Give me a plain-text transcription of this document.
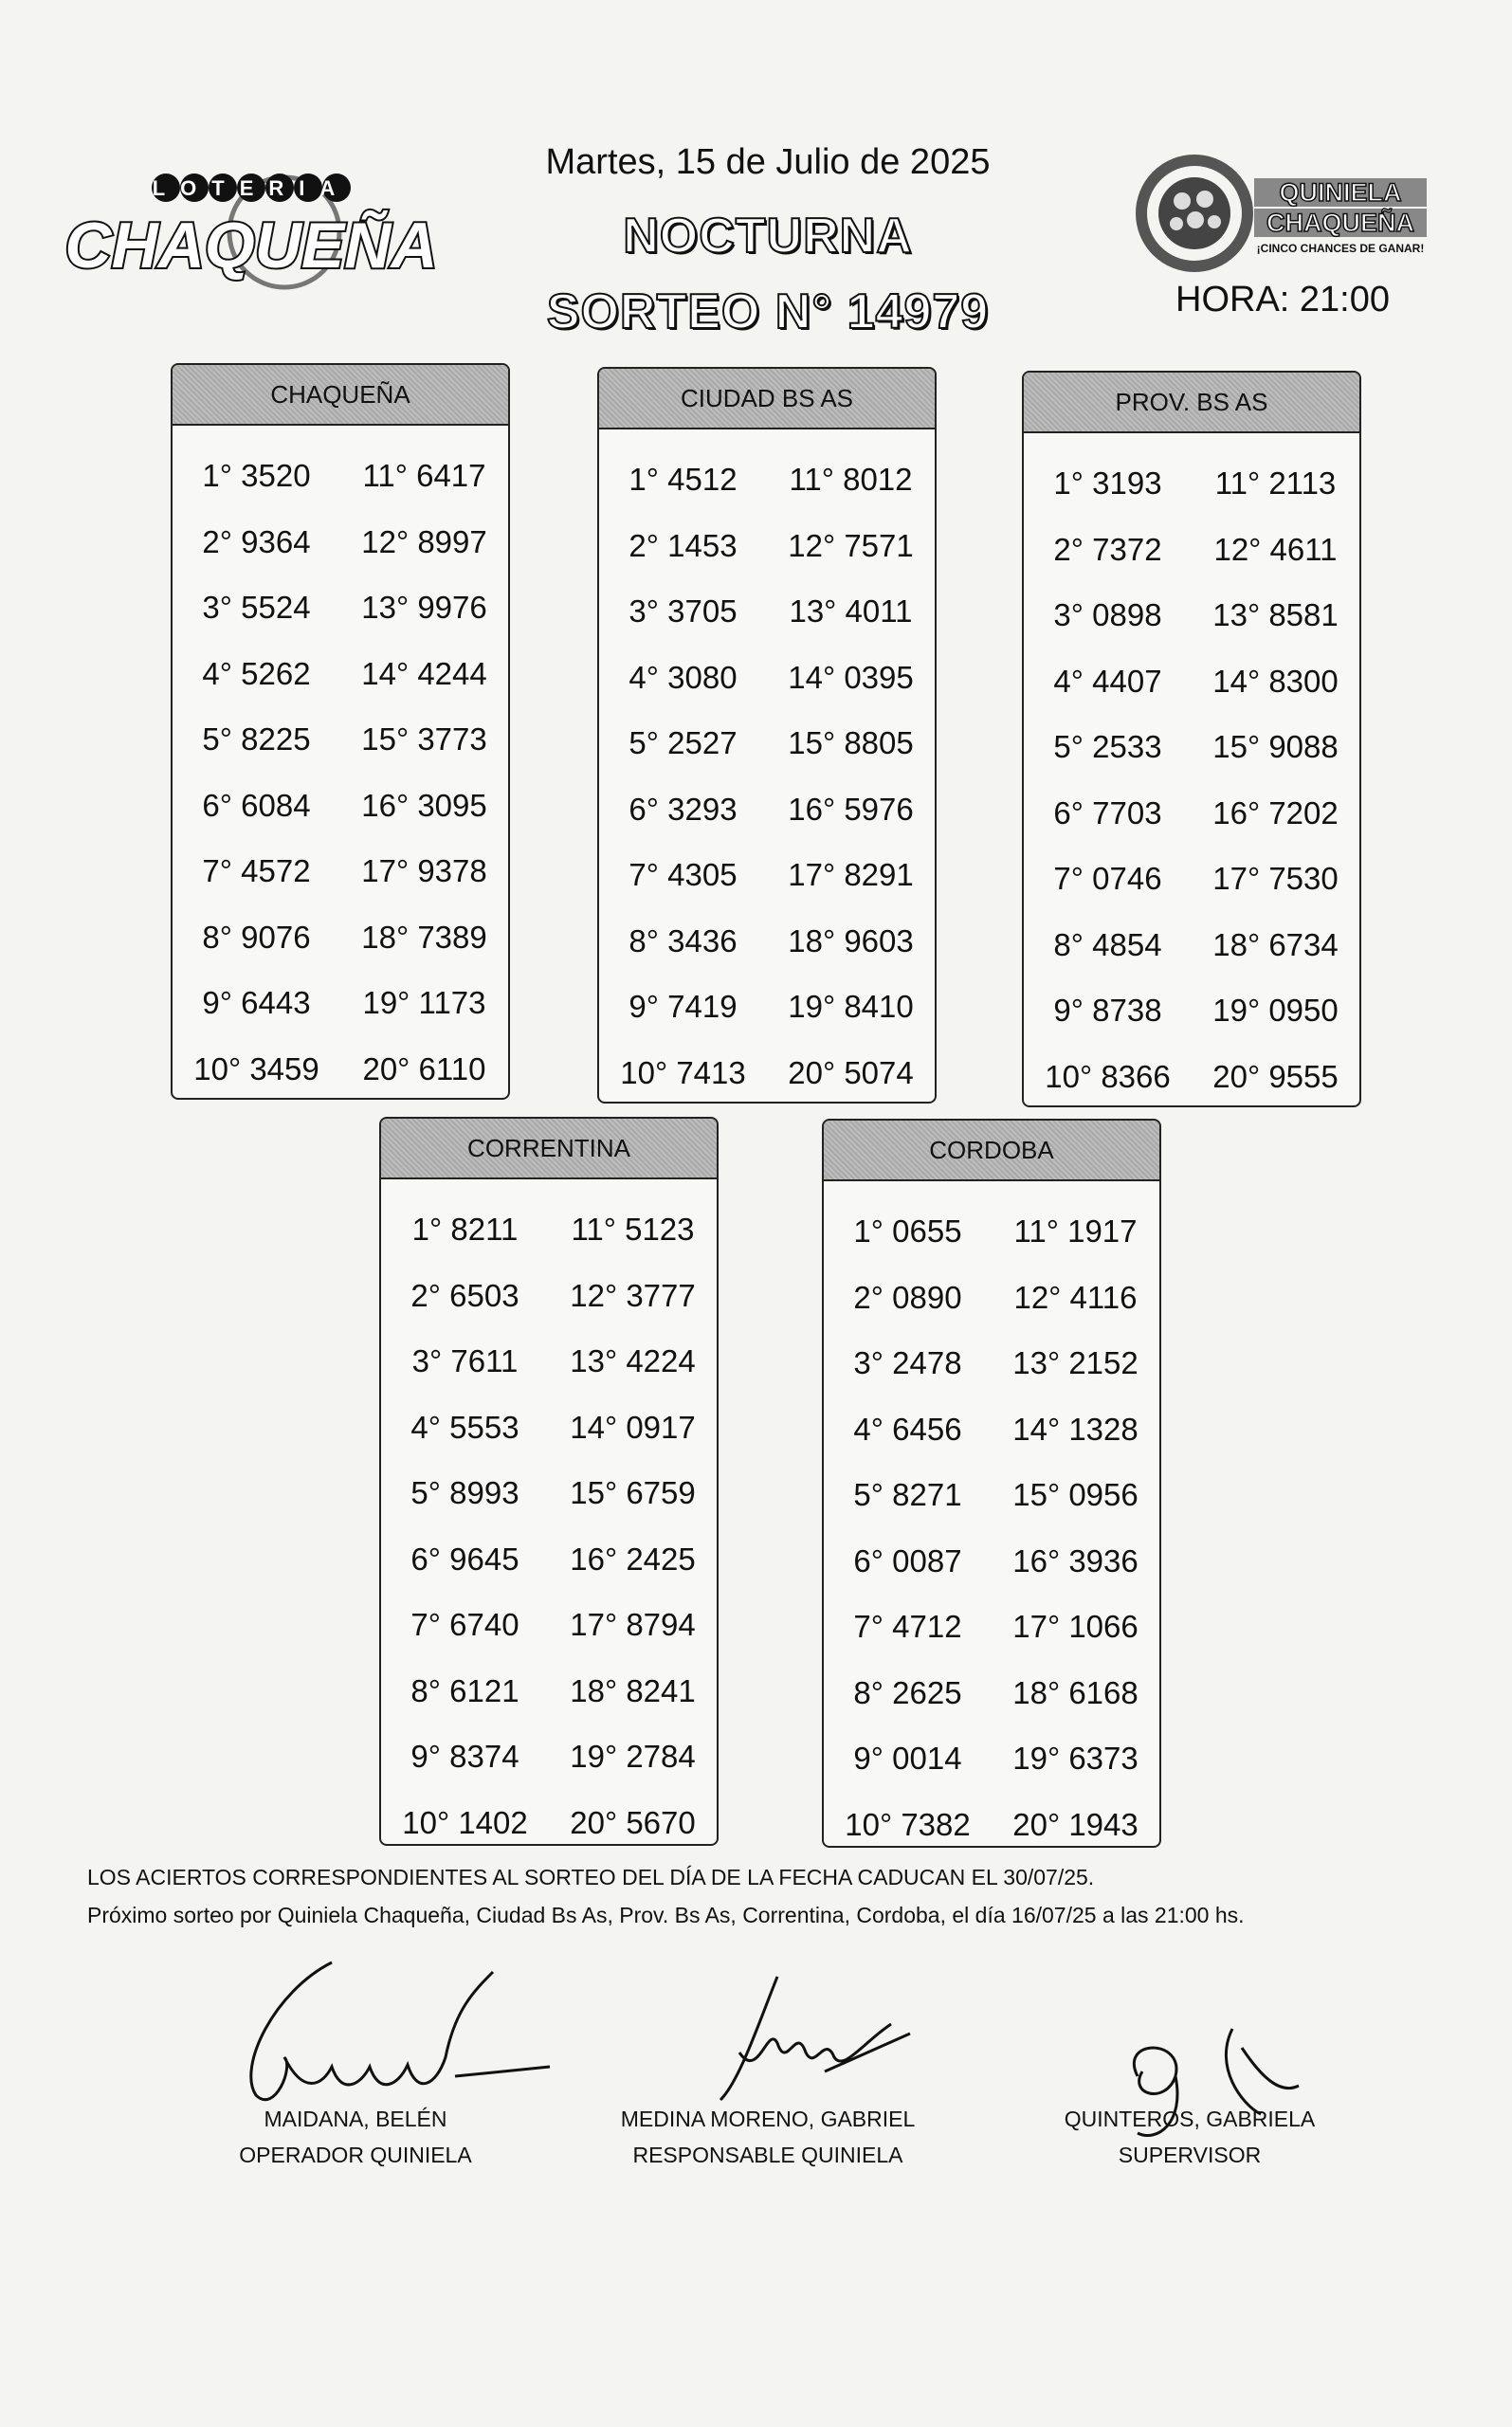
LOTERIA
CHAQUEÑA
Martes, 15 de Julio de 2025
NOCTURNA
SORTEO N° 14979
QUINIELA
CHAQUEÑA
¡CINCO CHANCES DE GANAR!
HORA: 21:00
CHAQUEÑA
1° 3520	11° 6417
2° 9364	12° 8997
3° 5524	13° 9976
4° 5262	14° 4244
5° 8225	15° 3773
6° 6084	16° 3095
7° 4572	17° 9378
8° 9076	18° 7389
9° 6443	19° 1173
10° 3459	20° 6110
CIUDAD BS AS
1° 4512	11° 8012
2° 1453	12° 7571
3° 3705	13° 4011
4° 3080	14° 0395
5° 2527	15° 8805
6° 3293	16° 5976
7° 4305	17° 8291
8° 3436	18° 9603
9° 7419	19° 8410
10° 7413	20° 5074
PROV. BS AS
1° 3193	11° 2113
2° 7372	12° 4611
3° 0898	13° 8581
4° 4407	14° 8300
5° 2533	15° 9088
6° 7703	16° 7202
7° 0746	17° 7530
8° 4854	18° 6734
9° 8738	19° 0950
10° 8366	20° 9555
CORRENTINA
1° 8211	11° 5123
2° 6503	12° 3777
3° 7611	13° 4224
4° 5553	14° 0917
5° 8993	15° 6759
6° 9645	16° 2425
7° 6740	17° 8794
8° 6121	18° 8241
9° 8374	19° 2784
10° 1402	20° 5670
CORDOBA
1° 0655	11° 1917
2° 0890	12° 4116
3° 2478	13° 2152
4° 6456	14° 1328
5° 8271	15° 0956
6° 0087	16° 3936
7° 4712	17° 1066
8° 2625	18° 6168
9° 0014	19° 6373
10° 7382	20° 1943
LOS ACIERTOS CORRESPONDIENTES AL SORTEO DEL DÍA DE LA FECHA CADUCAN EL 30/07/25.
Próximo sorteo por Quiniela Chaqueña, Ciudad Bs As, Prov. Bs As, Correntina, Cordoba, el día 16/07/25 a las 21:00 hs.
MAIDANA, BELÉN
OPERADOR QUINIELA
MEDINA MORENO, GABRIEL
RESPONSABLE QUINIELA
QUINTEROS, GABRIELA
SUPERVISOR
